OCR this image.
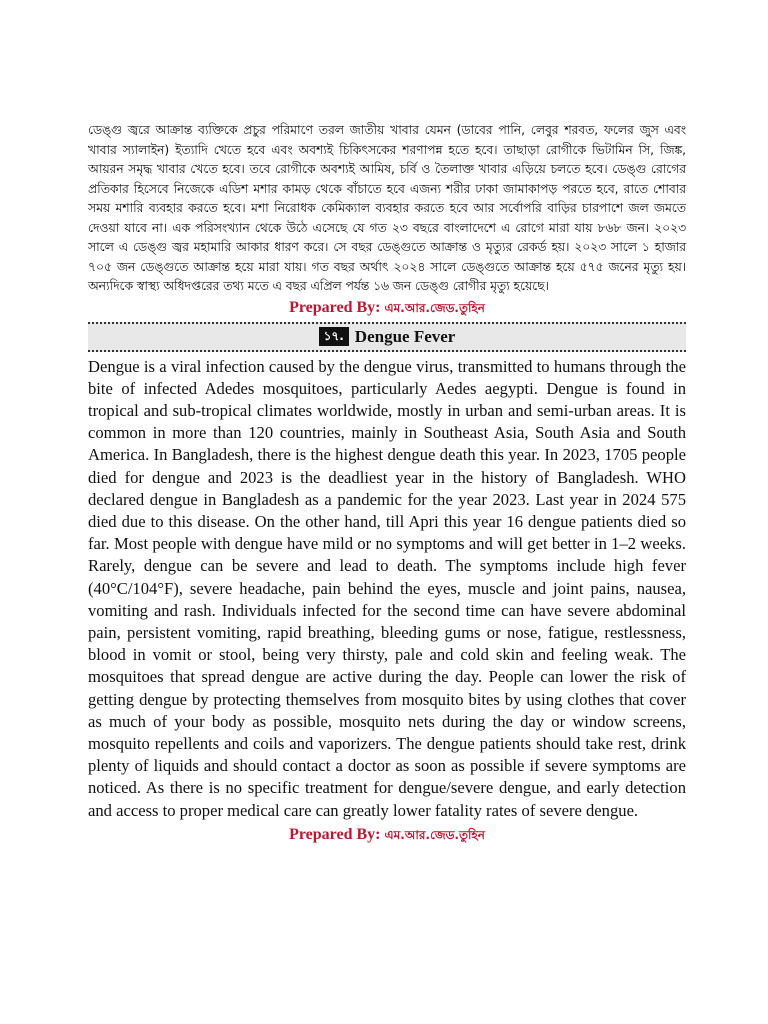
ডেঙ্গু জ্বরে আক্রান্ত ব্যক্তিকে প্রচুর পরিমাণে তরল জাতীয় খাবার যেমন (ডাবের পানি, লেবুর শরবত, ফলের জুস এবং খাবার স্যালাইন) ইত্যাদি খেতে হবে এবং অবশ্যই চিকিৎসকের শরণাপন্ন হতে হবে। তাছাড়া রোগীকে ভিটামিন সি, জিঙ্ক, আয়রন সমৃদ্ধ খাবার খেতে হবে। তবে রোগীকে অবশ্যই আমিষ, চর্বি ও তৈলাক্ত খাবার এড়িয়ে চলতে হবে। ডেঙ্গু রোগের প্রতিকার হিসেবে নিজেকে এডিশ মশার কামড় থেকে বাঁচাতে হবে এজন্য শরীর ঢাকা জামাকাপড় পরতে হবে, রাতে শোবার সময় মশারি ব্যবহার করতে হবে। মশা নিরোধক কেমিক্যাল ব্যবহার করতে হবে আর সর্বোপরি বাড়ির চারপাশে জল জমতে দেওয়া যাবে না। এক পরিসংখ্যান থেকে উঠে এসেছে যে গত ২৩ বছরে বাংলাদেশে এ রোগে মারা যায় ৮৬৮ জন। ২০২৩ সালে এ ডেঙ্গু জ্বর মহামারি আকার ধারণ করে। সে বছর ডেঙ্গুতে আক্রান্ত ও মৃত্যুর রেকর্ড হয়। ২০২৩ সালে ১ হাজার ৭০৫ জন ডেঙ্গুতে আক্রান্ত হয়ে মারা যায়। গত বছর অর্থাৎ ২০২৪ সালে ডেঙ্গুতে আক্রান্ত হয়ে ৫৭৫ জনের মৃত্যু হয়। অন্যদিকে স্বাস্থ্য অধিদপ্তরের তথ্য মতে এ বছর এপ্রিল পর্যন্ত ১৬ জন ডেঙ্গু রোগীর মৃত্যু হয়েছে।

Prepared By: এম.আর.জেড.তুহিন

১৭. Dengue Fever

Dengue is a viral infection caused by the dengue virus, transmitted to humans through the bite of infected Adedes mosquitoes, particularly Aedes aegypti. Dengue is found in tropical and sub-tropical climates worldwide, mostly in urban and semi-urban areas. It is common in more than 120 countries, mainly in Southeast Asia, South Asia and South America. In Bangladesh, there is the highest dengue death this year. In 2023, 1705 people died for dengue and 2023 is the deadliest year in the history of Bangladesh. WHO declared dengue in Bangladesh as a pandemic for the year 2023. Last year in 2024 575 died due to this disease. On the other hand, till Apri this year 16 dengue patients died so far. Most people with dengue have mild or no symptoms and will get better in 1–2 weeks. Rarely, dengue can be severe and lead to death. The symptoms include high fever (40°C/104°F), severe headache, pain behind the eyes, muscle and joint pains, nausea, vomiting and rash. Individuals infected for the second time can have severe abdominal pain, persistent vomiting, rapid breathing, bleeding gums or nose, fatigue, restlessness, blood in vomit or stool, being very thirsty, pale and cold skin and feeling weak. The mosquitoes that spread dengue are active during the day. People can lower the risk of getting dengue by protecting themselves from mosquito bites by using clothes that cover as much of your body as possible, mosquito nets during the day or window screens, mosquito repellents and coils and vaporizers. The dengue patients should take rest, drink plenty of liquids and should contact a doctor as soon as possible if severe symptoms are noticed. As there is no specific treatment for dengue/severe dengue, and early detection and access to proper medical care can greatly lower fatality rates of severe dengue.

Prepared By: এম.আর.জেড.তুহিন
